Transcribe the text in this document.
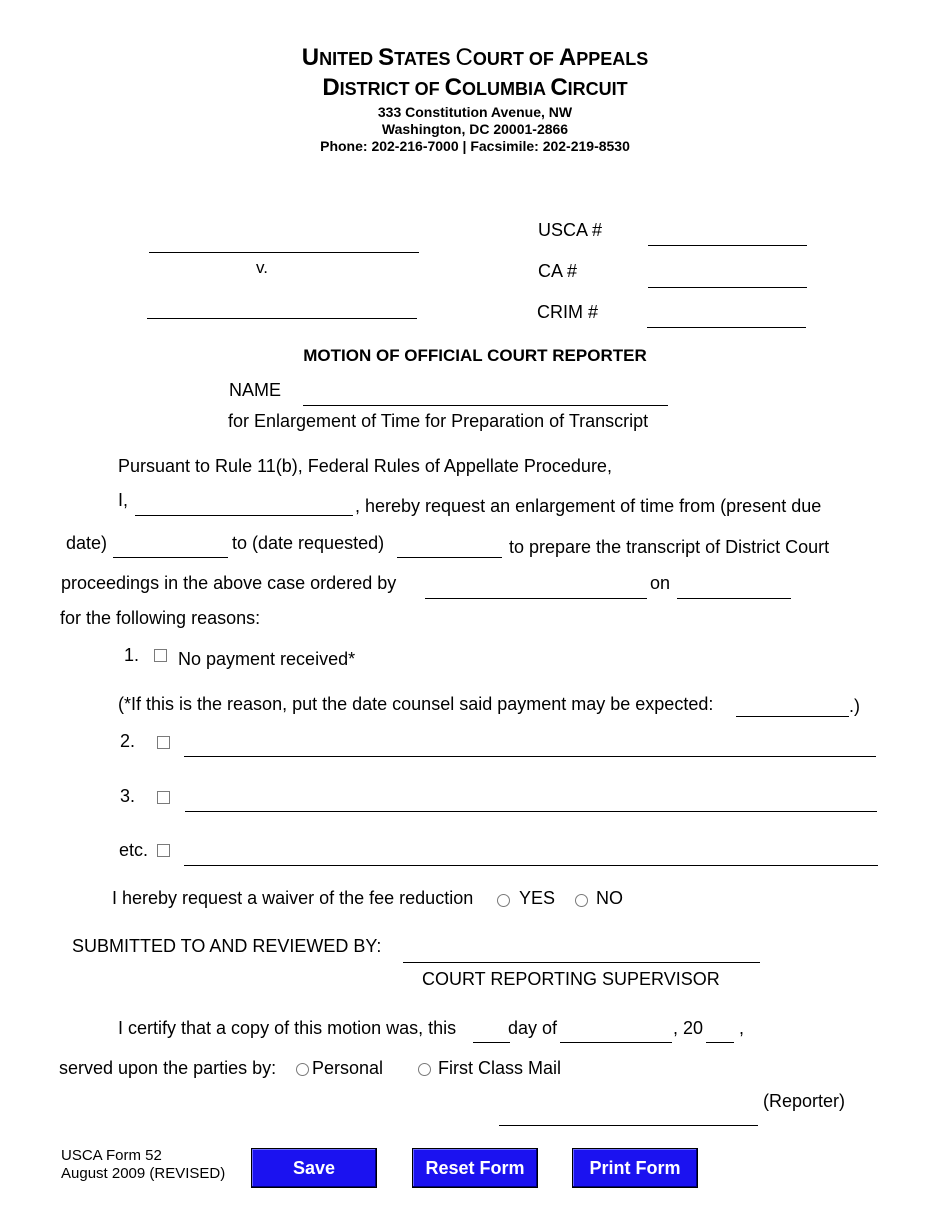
UNITED STATES COURT OF APPEALS
DISTRICT OF COLUMBIA CIRCUIT
333 Constitution Avenue, NW
Washington, DC 20001-2866
Phone: 202-216-7000 | Facsimile: 202-219-8530
v.
USCA #
CA #
CRIM #
MOTION OF OFFICIAL COURT REPORTER
NAME
for Enlargement of Time for Preparation of Transcript
Pursuant to Rule 11(b), Federal Rules of Appellate Procedure,
I,	, hereby request an enlargement of time from (present due
date)	to (date requested)	to prepare the transcript of District Court
proceedings in the above case ordered by	on
for the following reasons:
1. No payment received*
(*If this is the reason, put the date counsel said payment may be expected:	.)
2.
3.
etc.
I hereby request a waiver of the fee reduction	YES NO
SUBMITTED TO AND REVIEWED BY:
COURT REPORTING SUPERVISOR
I certify that a copy of this motion was, this	day of	, 20 ,
served upon the parties by: Personal	First Class Mail
(Reporter)
USCA Form 52
August 2009 (REVISED)	Save	Reset Form	Print Form
